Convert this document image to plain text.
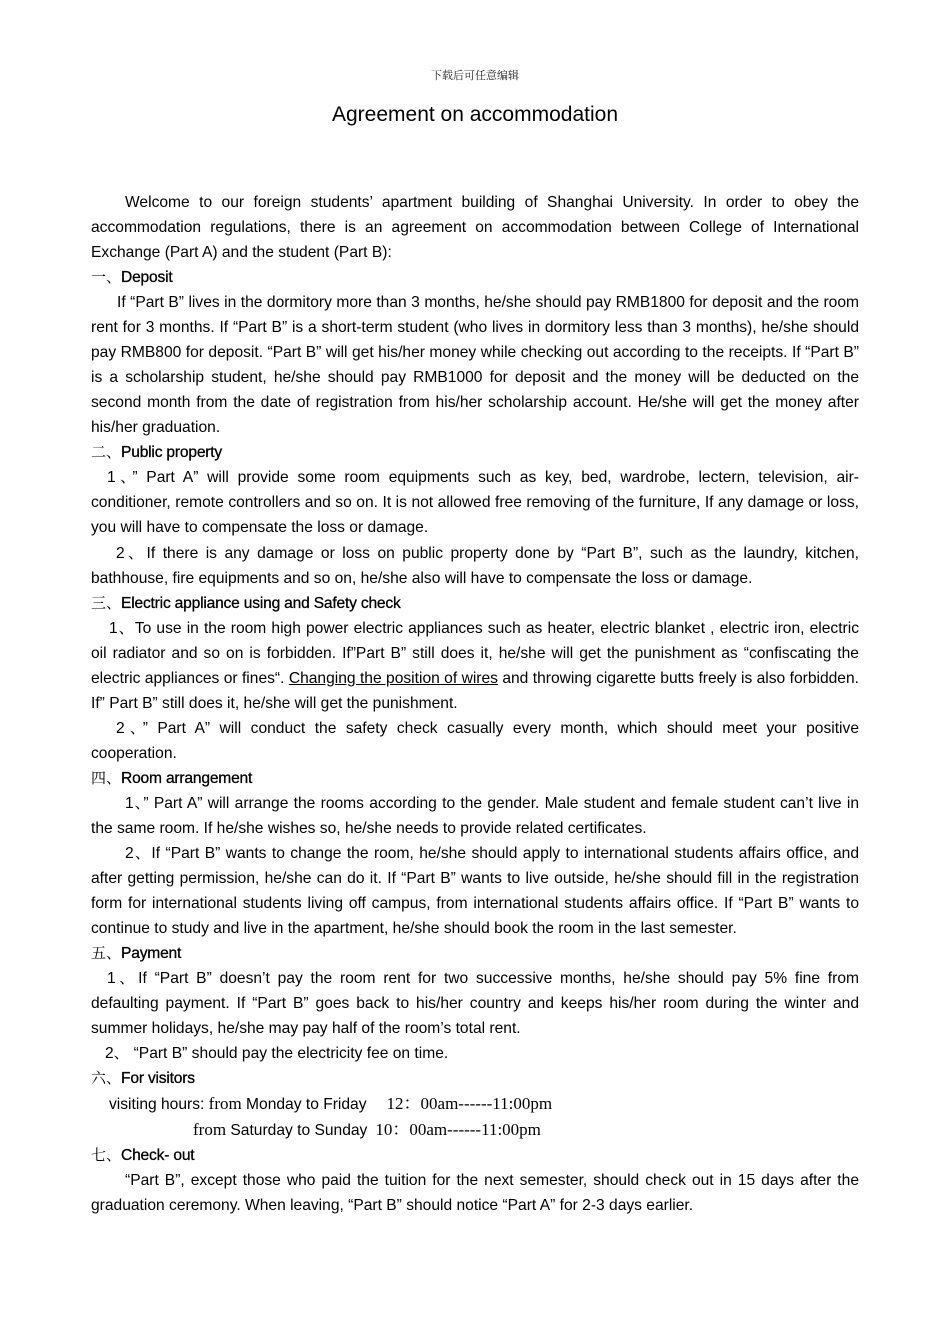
下载后可任意编辑
Agreement on accommodation

Welcome to our foreign students’ apartment building of Shanghai University. In order to obey the accommodation regulations, there is an agreement on accommodation between College of International Exchange (Part A) and the student (Part B):

一、Deposit

If “Part B” lives in the dormitory more than 3 months, he/she should pay RMB1800 for deposit and the room rent for 3 months. If “Part B” is a short-term student (who lives in dormitory less than 3 months), he/she should pay RMB800 for deposit. “Part B” will get his/her money while checking out according to the receipts. If “Part B” is a scholarship student, he/she should pay RMB1000 for deposit and the money will be deducted on the second month from the date of registration from his/her scholarship account. He/she will get the money after his/her graduation.

二、Public property

1、” Part A” will provide some room equipments such as key, bed, wardrobe, lectern, television, air-conditioner, remote controllers and so on. It is not allowed free removing of the furniture, If any damage or loss, you will have to compensate the loss or damage.

2、If there is any damage or loss on public property done by “Part B”, such as the laundry, kitchen, bathhouse, fire equipments and so on, he/she also will have to compensate the loss or damage.

三、Electric appliance using and Safety check

1、To use in the room high power electric appliances such as heater, electric blanket , electric iron, electric oil radiator and so on is forbidden. If”Part B” still does it, he/she will get the punishment as “confiscating the electric appliances or fines“. Changing the position of wires and throwing cigarette butts freely is also forbidden. If” Part B” still does it, he/she will get the punishment.

2、” Part A” will conduct the safety check casually every month, which should meet your positive cooperation.

四、Room arrangement

1、” Part A” will arrange the rooms according to the gender. Male student and female student can’t live in the same room. If he/she wishes so, he/she needs to provide related certificates.

2、If “Part B” wants to change the room, he/she should apply to international students affairs office, and after getting permission, he/she can do it. If “Part B” wants to live outside, he/she should fill in the registration form for international students living off campus, from international students affairs office. If “Part B” wants to continue to study and live in the apartment, he/she should book the room in the last semester.

五、Payment

1、If “Part B” doesn’t pay the room rent for two successive months, he/she should pay 5% fine from defaulting payment. If “Part B” goes back to his/her country and keeps his/her room during the winter and summer holidays, he/she may pay half of the room’s total rent.

2、 “Part B” should pay the electricity fee on time.

六、For visitors
visiting hours: from Monday to Friday 12：00am------11:00pm
from Saturday to Sunday 10：00am------11:00pm
七、Check- out

“Part B”, except those who paid the tuition for the next semester, should check out in 15 days after the graduation ceremony. When leaving, “Part B” should notice “Part A” for 2-3 days earlier.
